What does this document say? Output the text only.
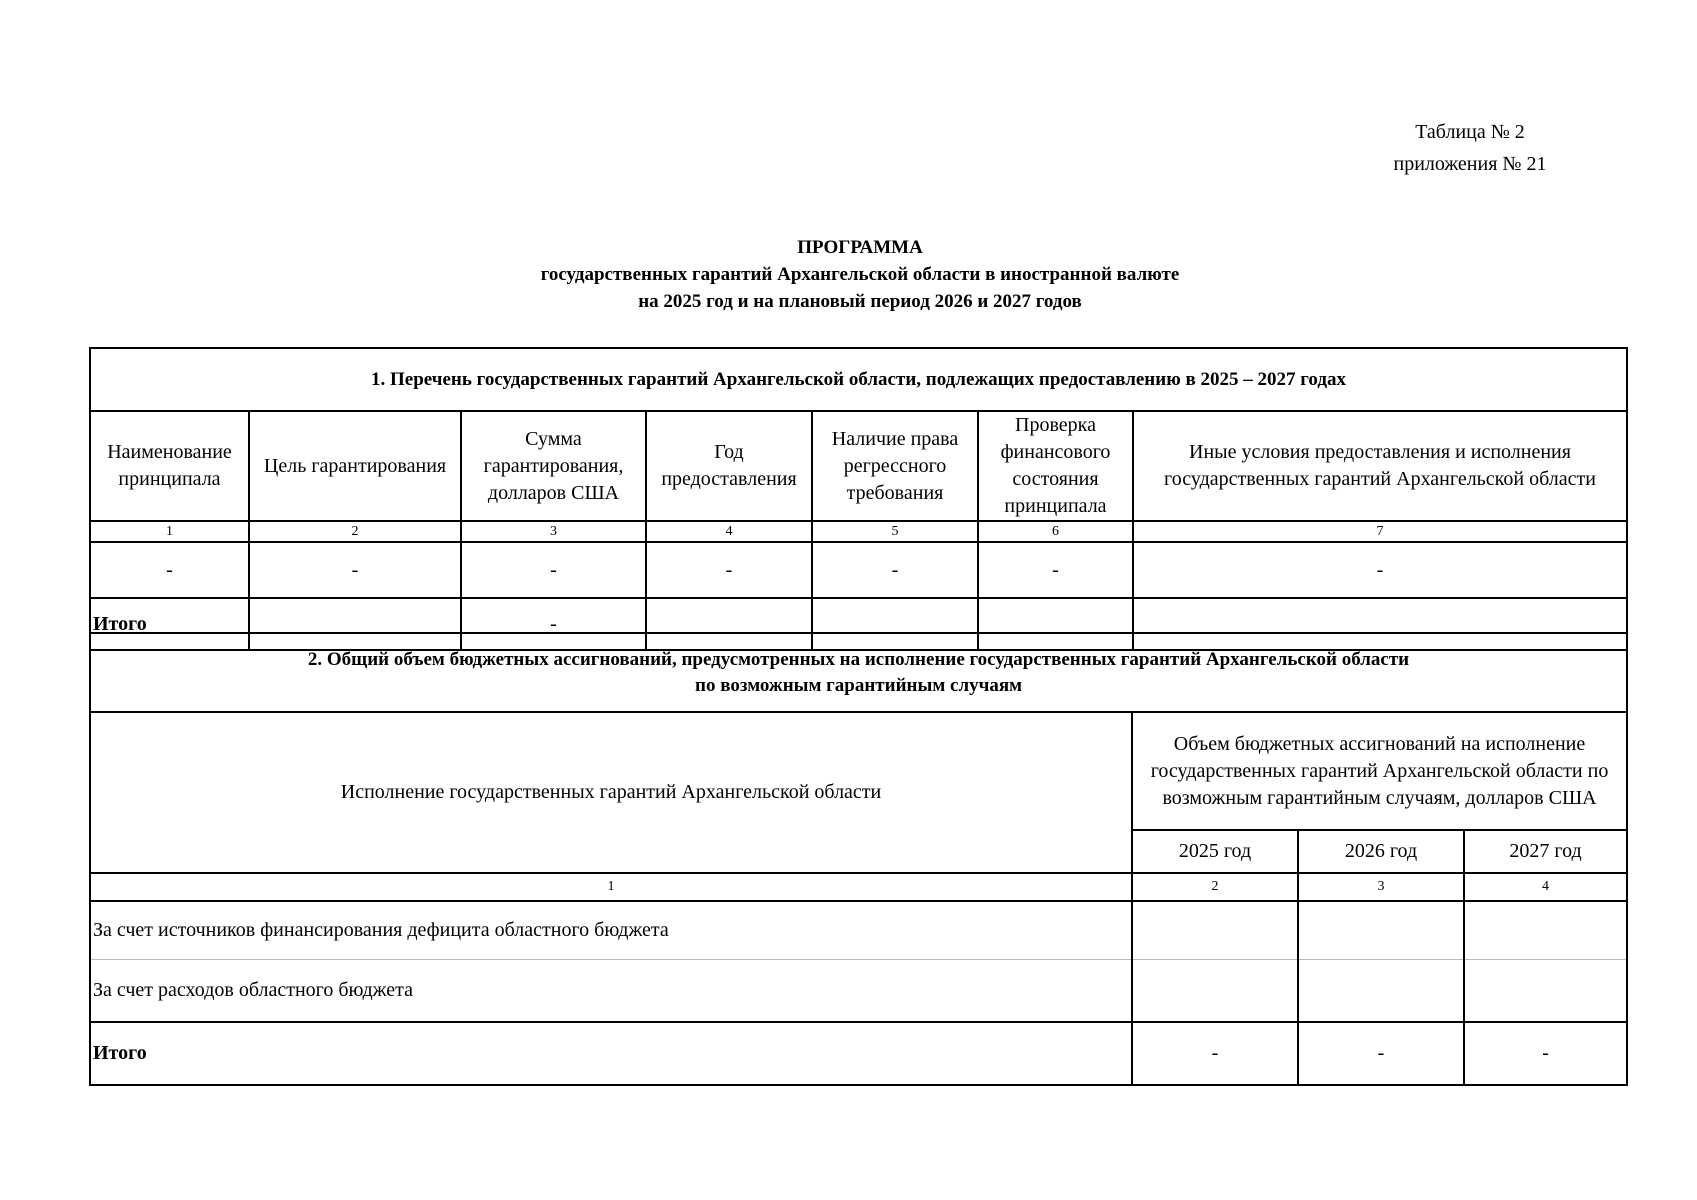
Таблица № 2
приложения № 21
ПРОГРАММА
государственных гарантий Архангельской области в иностранной валюте
на 2025 год и на плановый период 2026 и 2027 годов
1. Перечень государственных гарантий Архангельской области, подлежащих предоставлению в 2025 – 2027 годах						
Наименование принципала	Цель гарантирования	Сумма гарантирования, долларов США	Год предоставления	Наличие права регрессного требования	Проверка финансового состояния принципала	Иные условия предоставления и исполнения государственных гарантий Архангельской области
1	2	3	4	5	6	7
-	-	-	-	-	-	-
Итого		-				
2. Общий объем бюджетных ассигнований, предусмотренных на исполнение государственных гарантий Архангельской области
по возможным гарантийным случаям			

Исполнение государственных гарантий Архангельской области	Объем бюджетных ассигнований на исполнение государственных гарантий Архангельской области по возможным гарантийным случаям, долларов США		
	2025 год	2026 год	2027 год
1	2	3	4
За счет источников финансирования дефицита областного бюджета			
За счет расходов областного бюджета			
Итого	-	-	-
